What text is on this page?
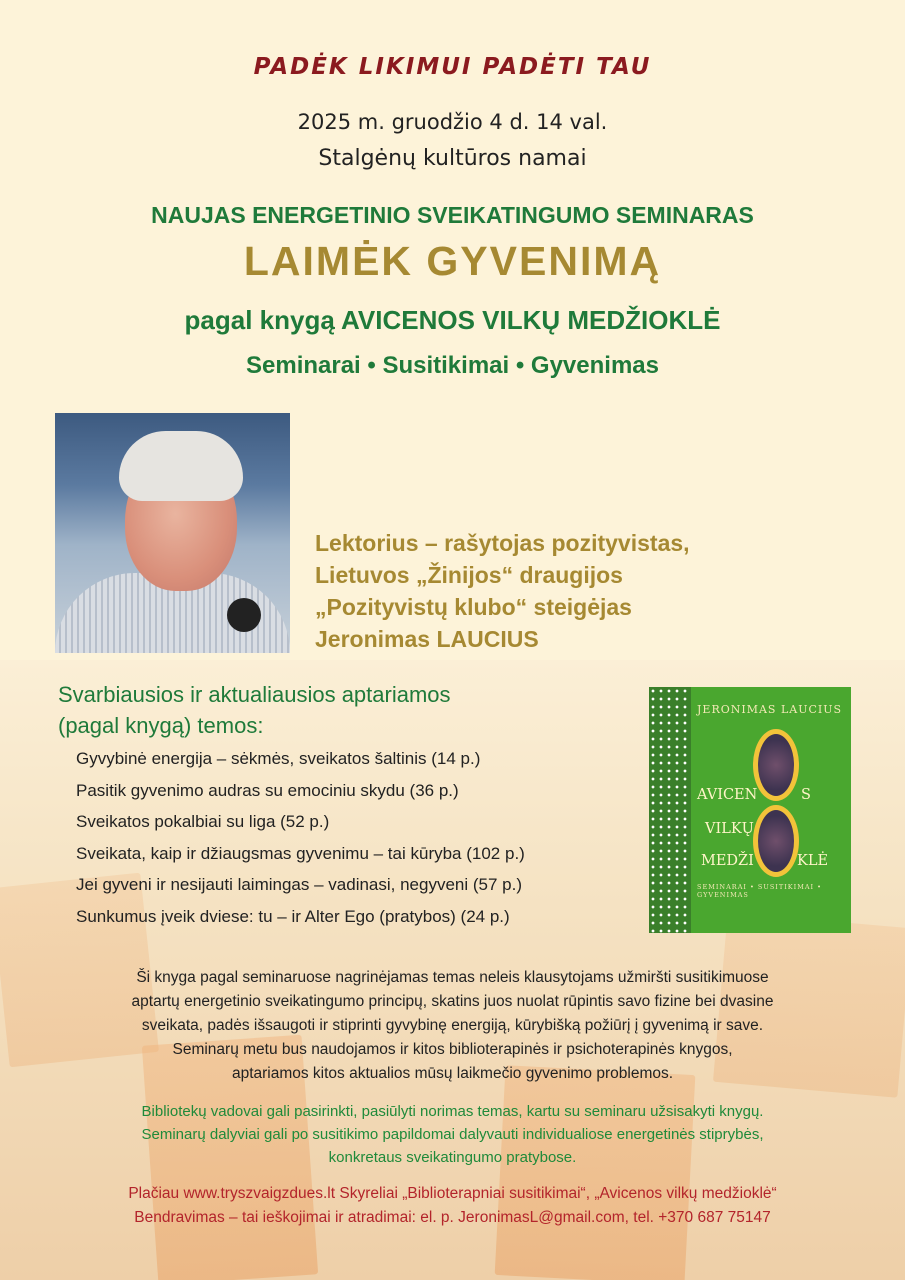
PADĖK LIKIMUI PADĖTI TAU
2025 m. gruodžio 4 d. 14 val.
Stalgėnų kultūros namai
NAUJAS ENERGETINIO SVEIKATINGUMO SEMINARAS
LAIMĖK GYVENIMĄ
pagal knygą AVICENOS VILKŲ MEDŽIOKLĖ
Seminarai • Susitikimai • Gyvenimas
Lektorius – rašytojas pozityvistas,
Lietuvos „Žinijos“ draugijos
„Pozityvistų klubo“ steigėjas
Jeronimas LAUCIUS
Svarbiausios ir aktualiausios aptariamos
(pagal knygą) temos:
Gyvybinė energija – sėkmės, sveikatos šaltinis (14 p.)
Pasitik gyvenimo audras su emociniu skydu (36 p.)
Sveikatos pokalbiai su liga (52 p.)
Sveikata, kaip ir džiaugsmas gyvenimu – tai kūryba (102 p.)
Jei gyveni ir nesijauti laimingas – vadinasi, negyveni (57 p.)
Sunkumus įveik dviese: tu – ir Alter Ego (pratybos) (24 p.)
JERONIMAS LAUCIUS
AVICEN	S
VILKŲ
MEDŽI	KLĖ
SEMINARAI • SUSITIKIMAI • GYVENIMAS
Ši knyga pagal seminaruose nagrinėjamas temas neleis klausytojams užmiršti susitikimuose
aptartų energetinio sveikatingumo principų, skatins juos nuolat rūpintis savo fizine bei dvasine
sveikata, padės išsaugoti ir stiprinti gyvybinę energiją, kūrybišką požiūrį į gyvenimą ir save.
Seminarų metu bus naudojamos ir kitos biblioterapinės ir psichoterapinės knygos,
aptariamos kitos aktualios mūsų laikmečio gyvenimo problemos.
Bibliotekų vadovai gali pasirinkti, pasiūlyti norimas temas, kartu su seminaru užsisakyti knygų.
Seminarų dalyviai gali po susitikimo papildomai dalyvauti individualiose energetinės stiprybės,
konkretaus sveikatingumo pratybose.
Plačiau www.tryszvaigzdues.lt Skyreliai „Biblioterapniai susitikimai“, „Avicenos vilkų medžioklė“
Bendravimas – tai ieškojimai ir atradimai: el. p. JeronimasL@gmail.com, tel. +370 687 75147
